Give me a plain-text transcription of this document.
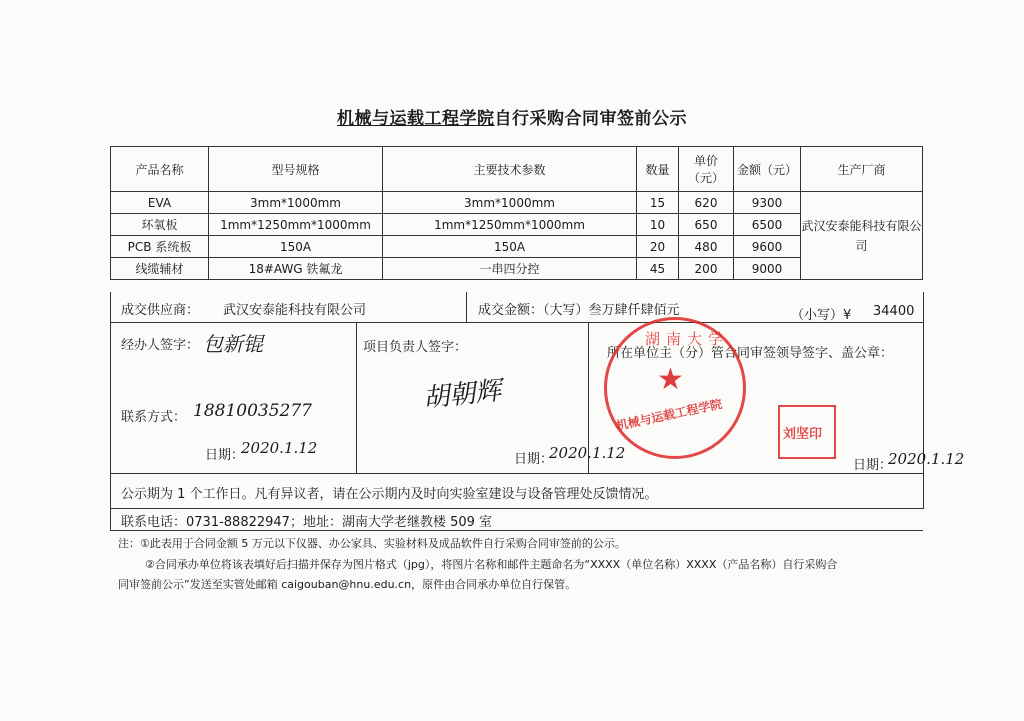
机械与运载工程学院自行采购合同审签前公示
产品名称	型号规格	主要技术参数	数量	单价（元）	金额（元）	生产厂商
EVA	3mm*1000mm	3mm*1000mm	15	620	9300	武汉安泰能科技有限公司
环氧板	1mm*1250mm*1000mm	1mm*1250mm*1000mm	10	650	6500	
PCB 系统板	150A	150A	20	480	9600	
线缆辅材	18#AWG 铁氟龙	一串四分控	45	200	9000	
成交供应商： 武汉安泰能科技有限公司	成交金额：（大写）叁万肆仟肆佰元	（小写）¥ 34400
经办人签字： 包新锟
联系方式： 18810035277
日期：
2020.1.12
项目负责人签字：
胡朝辉
日期：
2020.1.12
所在单位主（分）管合同审签领导签字、盖公章：
日期：
2020.1.12
湖南大学
★
机械与运载工程学院
刘坚印
公示期为 1 个工作日。凡有异议者，请在公示期内及时向实验室建设与设备管理处反馈情况。
联系电话：0731-88822947；地址：湖南大学老继教楼 509 室
注：①此表用于合同金额 5 万元以下仪器、办公家具、实验材料及成品软件自行采购合同审签前的公示。
②合同承办单位将该表填好后扫描并保存为图片格式（jpg），将图片名称和邮件主题命名为“XXXX（单位名称）XXXX（产品名称）自行采购合
同审签前公示”发送至实管处邮箱 caigouban@hnu.edu.cn，原件由合同承办单位自行保管。
